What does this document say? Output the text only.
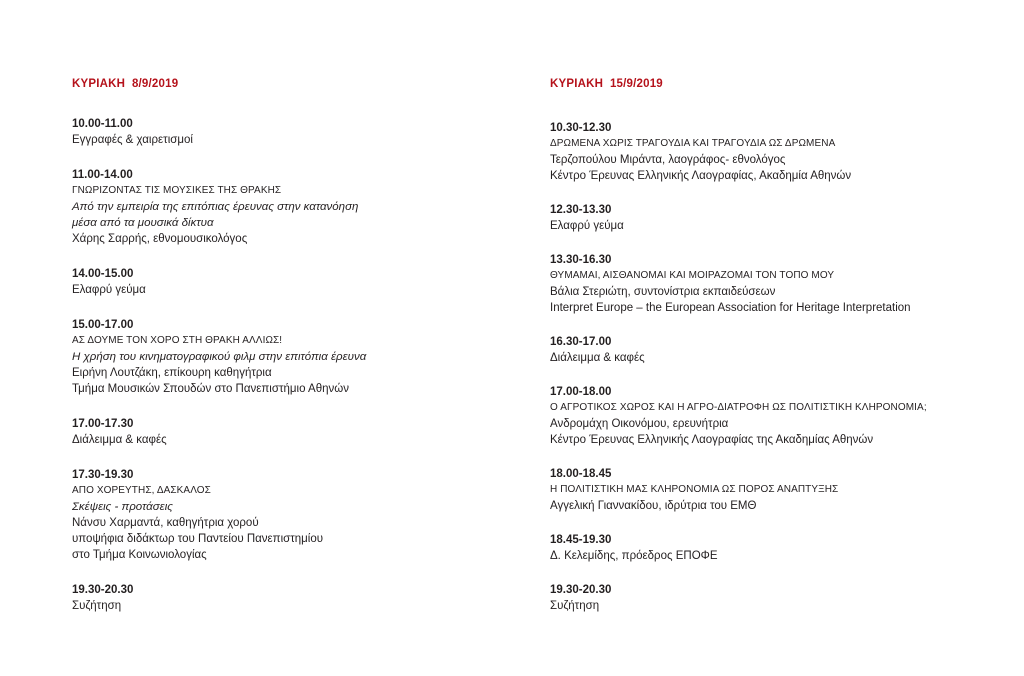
ΚΥΡΙΑΚΗ  8/9/2019
10.00-11.00
Εγγραφές & χαιρετισμοί
11.00-14.00
ΓΝΩΡΙΖΟΝΤΑΣ ΤΙΣ ΜΟΥΣΙΚΕΣ ΤΗΣ ΘΡΑΚΗΣ
Από την εμπειρία της επιτόπιας έρευνας στην κατανόηση
μέσα από τα μουσικά δίκτυα
Χάρης Σαρρής, εθνομουσικολόγος
14.00-15.00
Ελαφρύ γεύμα
15.00-17.00
ΑΣ ΔΟΥΜΕ ΤΟΝ ΧΟΡΟ ΣΤΗ ΘΡΑΚΗ ΑΛΛΙΩΣ!
Η χρήση του κινηματογραφικού φιλμ στην επιτόπια έρευνα
Ειρήνη Λουτζάκη, επίκουρη καθηγήτρια
Τμήμα Μουσικών Σπουδών στο Πανεπιστήμιο Αθηνών
17.00-17.30
Διάλειμμα & καφές
17.30-19.30
ΑΠΟ ΧΟΡΕΥΤΗΣ, ΔΑΣΚΑΛΟΣ
Σκέψεις - προτάσεις
Νάνσυ Χαρμαντά, καθηγήτρια χορού
υποψήφια διδάκτωρ του Παντείου Πανεπιστημίου
στο Τμήμα Κοινωνιολογίας
19.30-20.30
Συζήτηση
ΚΥΡΙΑΚΗ  15/9/2019
10.30-12.30
ΔΡΩΜΕΝΑ ΧΩΡΙΣ ΤΡΑΓΟΥΔΙΑ ΚΑΙ ΤΡΑΓΟΥΔΙΑ ΩΣ ΔΡΩΜΕΝΑ
Τερζοπούλου Μιράντα, λαογράφος- εθνολόγος
Κέντρο Έρευνας Ελληνικής Λαογραφίας, Ακαδημία Αθηνών
12.30-13.30
Ελαφρύ γεύμα
13.30-16.30
ΘΥΜΑΜΑΙ, ΑΙΣΘΑΝΟΜΑΙ ΚΑΙ ΜΟΙΡΑΖΟΜΑΙ ΤΟΝ ΤΟΠΟ ΜΟΥ
Βάλια Στεριώτη, συντονίστρια εκπαιδεύσεων
Interpret Europe – the European Association for Heritage Interpretation
16.30-17.00
Διάλειμμα & καφές
17.00-18.00
Ο ΑΓΡΟΤΙΚΟΣ ΧΩΡΟΣ ΚΑΙ Η ΑΓΡΟ-ΔΙΑΤΡΟΦΗ ΩΣ ΠΟΛΙΤΙΣΤΙΚΗ ΚΛΗΡΟΝΟΜΙΑ;
Ανδρομάχη Οικονόμου, ερευνήτρια
Κέντρο Έρευνας Ελληνικής Λαογραφίας της Ακαδημίας Αθηνών
18.00-18.45
Η ΠΟΛΙΤΙΣΤΙΚΗ ΜΑΣ ΚΛΗΡΟΝΟΜΙΑ ΩΣ ΠΟΡΟΣ ΑΝΑΠΤΥΞΗΣ
Αγγελική Γιαννακίδου, ιδρύτρια του ΕΜΘ
18.45-19.30
Δ. Κελεμίδης, πρόεδρος ΕΠΟΦΕ
19.30-20.30
Συζήτηση
